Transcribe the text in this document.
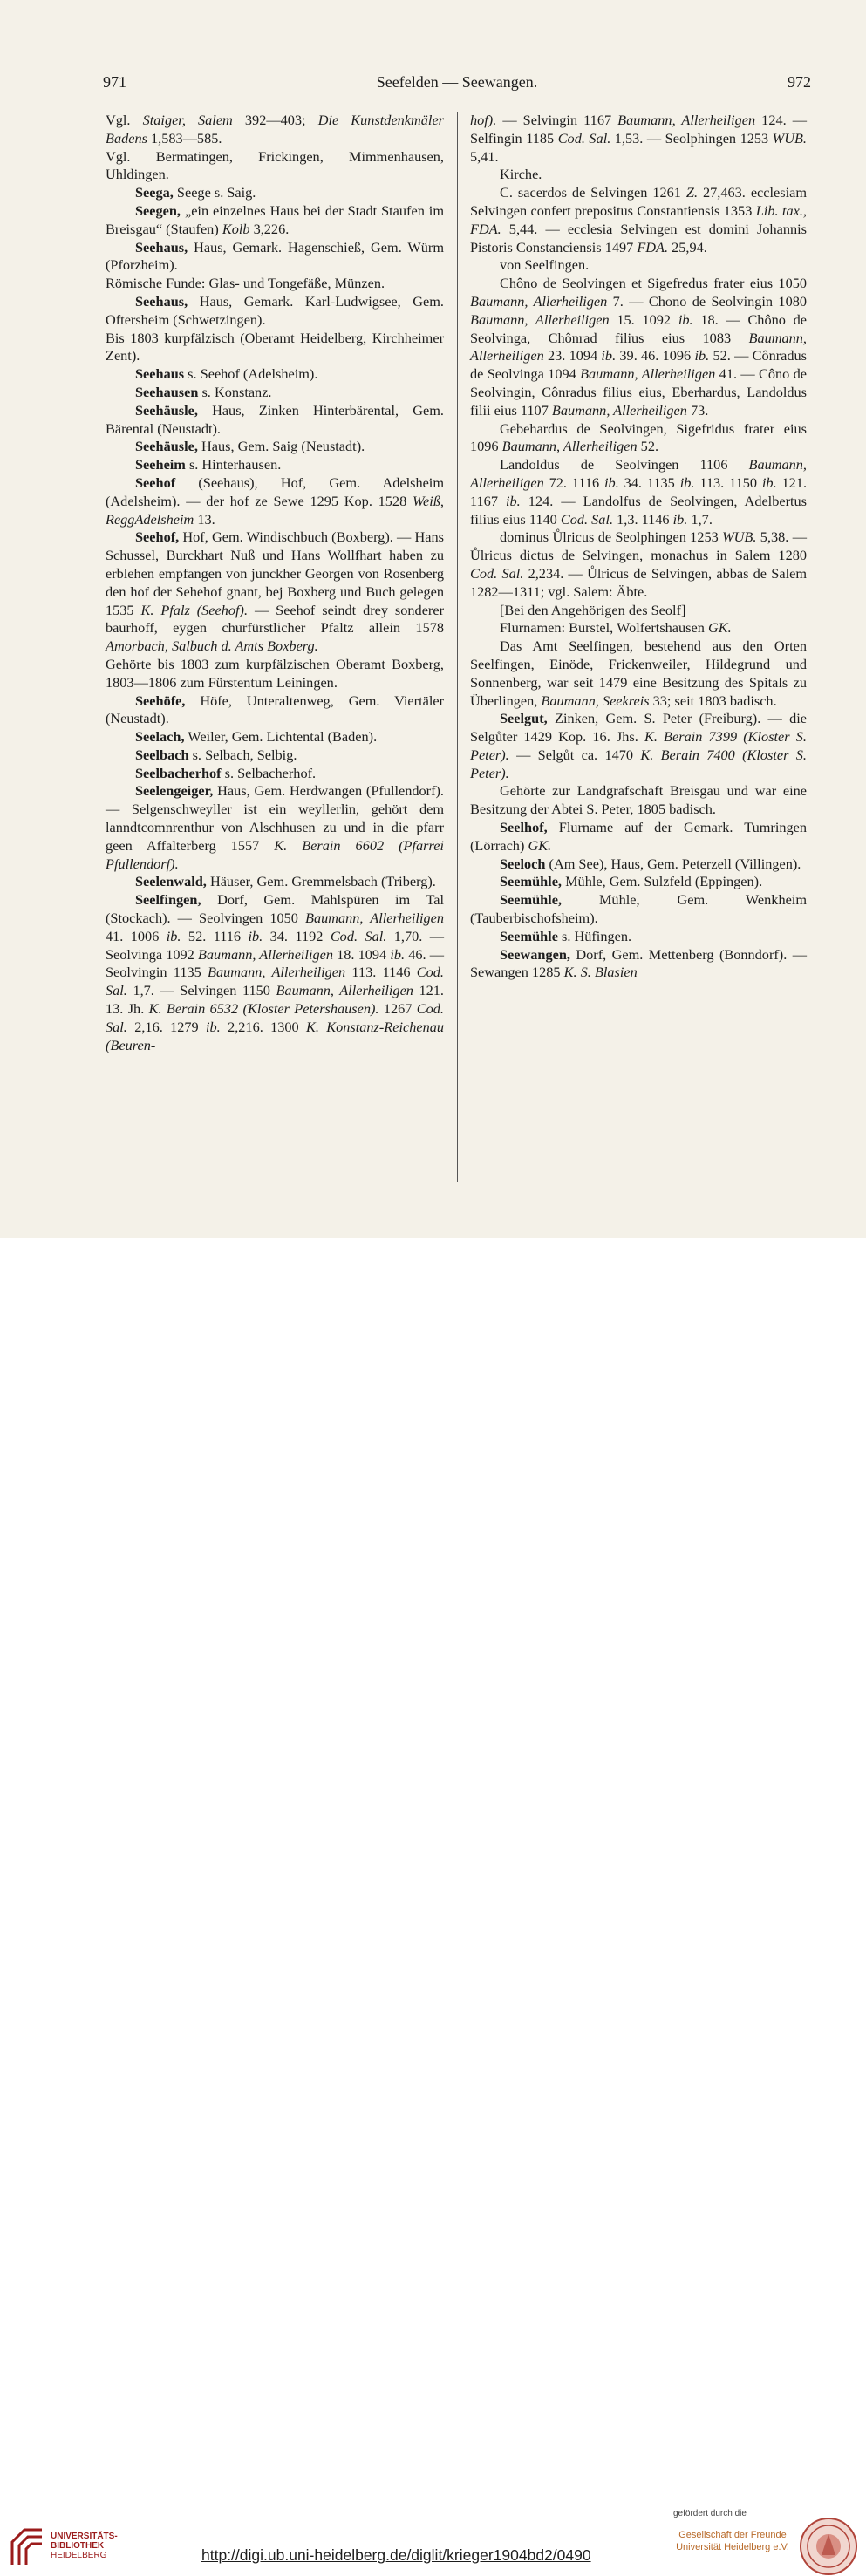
971	Seefelden — Seewangen.	972

Vgl. Staiger, Salem 392—403; Die Kunstdenkmäler Badens 1,583—585.

Vgl. Bermatingen, Frickingen, Mimmenhausen, Uhldingen.

Seega, Seege s. Saig.

Seegen, „ein einzelnes Haus bei der Stadt Staufen im Breisgau“ (Staufen) Kolb 3,226.

Seehaus, Haus, Gemark. Hagenschieß, Gem. Würm (Pforzheim).

Römische Funde: Glas- und Tongefäße, Münzen.

Seehaus, Haus, Gemark. Karl-Ludwigsee, Gem. Oftersheim (Schwetzingen).

Bis 1803 kurpfälzisch (Oberamt Heidelberg, Kirchheimer Zent).

Seehaus s. Seehof (Adelsheim).

Seehausen s. Konstanz.

Seehäusle, Haus, Zinken Hinterbärental, Gem. Bärental (Neustadt).

Seehäusle, Haus, Gem. Saig (Neustadt).

Seeheim s. Hinterhausen.

Seehof (Seehaus), Hof, Gem. Adelsheim (Adelsheim). — der hof ze Sewe 1295 Kop. 1528 Weiß, ReggAdelsheim 13.

Seehof, Hof, Gem. Windischbuch (Boxberg). — Hans Schussel, Burckhart Nuß und Hans Wollfhart haben zu erblehen empfangen von junckher Georgen von Rosenberg den hof der Sehehof gnant, bej Boxberg und Buch gelegen 1535 K. Pfalz (Seehof). — Seehof seindt drey sonderer baurhoff, eygen churfürstlicher Pfaltz allein 1578 Amorbach, Salbuch d. Amts Boxberg.

Gehörte bis 1803 zum kurpfälzischen Oberamt Boxberg, 1803—1806 zum Fürstentum Leiningen.

Seehöfe, Höfe, Unteraltenweg, Gem. Viertäler (Neustadt).

Seelach, Weiler, Gem. Lichtental (Baden).

Seelbach s. Selbach, Selbig.

Seelbacherhof s. Selbacherhof.

Seelengeiger, Haus, Gem. Herdwangen (Pfullendorf). — Selgenschweyller ist ein weyllerlin, gehört dem lanndtcomnrenthur von Alschhusen zu und in die pfarr geen Affalterberg 1557 K. Berain 6602 (Pfarrei Pfullendorf).

Seelenwald, Häuser, Gem. Gremmelsbach (Triberg).

Seelfingen, Dorf, Gem. Mahlspüren im Tal (Stockach). — Seolvingen 1050 Baumann, Allerheiligen 41. 1006 ib. 52. 1116 ib. 34. 1192 Cod. Sal. 1,70. — Seolvinga 1092 Baumann, Allerheiligen 18. 1094 ib. 46. — Seolvingin 1135 Baumann, Allerheiligen 113. 1146 Cod. Sal. 1,7. — Selvingen 1150 Baumann, Allerheiligen 121. 13. Jh. K. Berain 6532 (Kloster Petershausen). 1267 Cod. Sal. 2,16. 1279 ib. 2,216. 1300 K. Konstanz-Reichenau (Beuren-

hof). — Selvingin 1167 Baumann, Allerheiligen 124. — Selfingin 1185 Cod. Sal. 1,53. — Seolphingen 1253 WUB. 5,41.

Kirche.

C. sacerdos de Selvingen 1261 Z. 27,463. ecclesiam Selvingen confert prepositus Constantiensis 1353 Lib. tax., FDA. 5,44. — ecclesia Selvingen est domini Johannis Pistoris Constanciensis 1497 FDA. 25,94.

von Seelfingen.

Chôno de Seolvingen et Sigefredus frater eius 1050 Baumann, Allerheiligen 7. — Chono de Seolvingin 1080 Baumann, Allerheiligen 15. 1092 ib. 18. — Chôno de Seolvinga, Chônrad filius eius 1083 Baumann, Allerheiligen 23. 1094 ib. 39. 46. 1096 ib. 52. — Cônradus de Seolvinga 1094 Baumann, Allerheiligen 41. — Côno de Seolvingin, Cônradus filius eius, Eberhardus, Landoldus filii eius 1107 Baumann, Allerheiligen 73.

Gebehardus de Seolvingen, Sigefridus frater eius 1096 Baumann, Allerheiligen 52.

Landoldus de Seolvingen 1106 Baumann, Allerheiligen 72. 1116 ib. 34. 1135 ib. 113. 1150 ib. 121. 1167 ib. 124. — Landolfus de Seolvingen, Adelbertus filius eius 1140 Cod. Sal. 1,3. 1146 ib. 1,7.

dominus Ůlricus de Seolphingen 1253 WUB. 5,38. — Ůlricus dictus de Selvingen, monachus in Salem 1280 Cod. Sal. 2,234. — Ůlricus de Selvingen, abbas de Salem 1282—1311; vgl. Salem: Äbte.

[Bei den Angehörigen des Seolf]

Flurnamen: Burstel, Wolfertshausen GK.

Das Amt Seelfingen, bestehend aus den Orten Seelfingen, Einöde, Frickenweiler, Hildegrund und Sonnenberg, war seit 1479 eine Besitzung des Spitals zu Überlingen, Baumann, Seekreis 33; seit 1803 badisch.

Seelgut, Zinken, Gem. S. Peter (Freiburg). — die Selgůter 1429 Kop. 16. Jhs. K. Berain 7399 (Kloster S. Peter). — Selgůt ca. 1470 K. Berain 7400 (Kloster S. Peter).

Gehörte zur Landgrafschaft Breisgau und war eine Besitzung der Abtei S. Peter, 1805 badisch.

Seelhof, Flurname auf der Gemark. Tumringen (Lörrach) GK.

Seeloch (Am See), Haus, Gem. Peterzell (Villingen).

Seemühle, Mühle, Gem. Sulzfeld (Eppingen).

Seemühle, Mühle, Gem. Wenkheim (Tauberbischofsheim).

Seemühle s. Hüfingen.

Seewangen, Dorf, Gem. Mettenberg (Bonndorf). — Sewangen 1285 K. S. Blasien

UNIVERSITÄTS-
BIBLIOTHEK
HEIDELBERG	http://digi.ub.uni-heidelberg.de/diglit/krieger1904bd2/0490
gefördert durch die
Gesellschaft der Freunde
Universität Heidelberg e.V.
